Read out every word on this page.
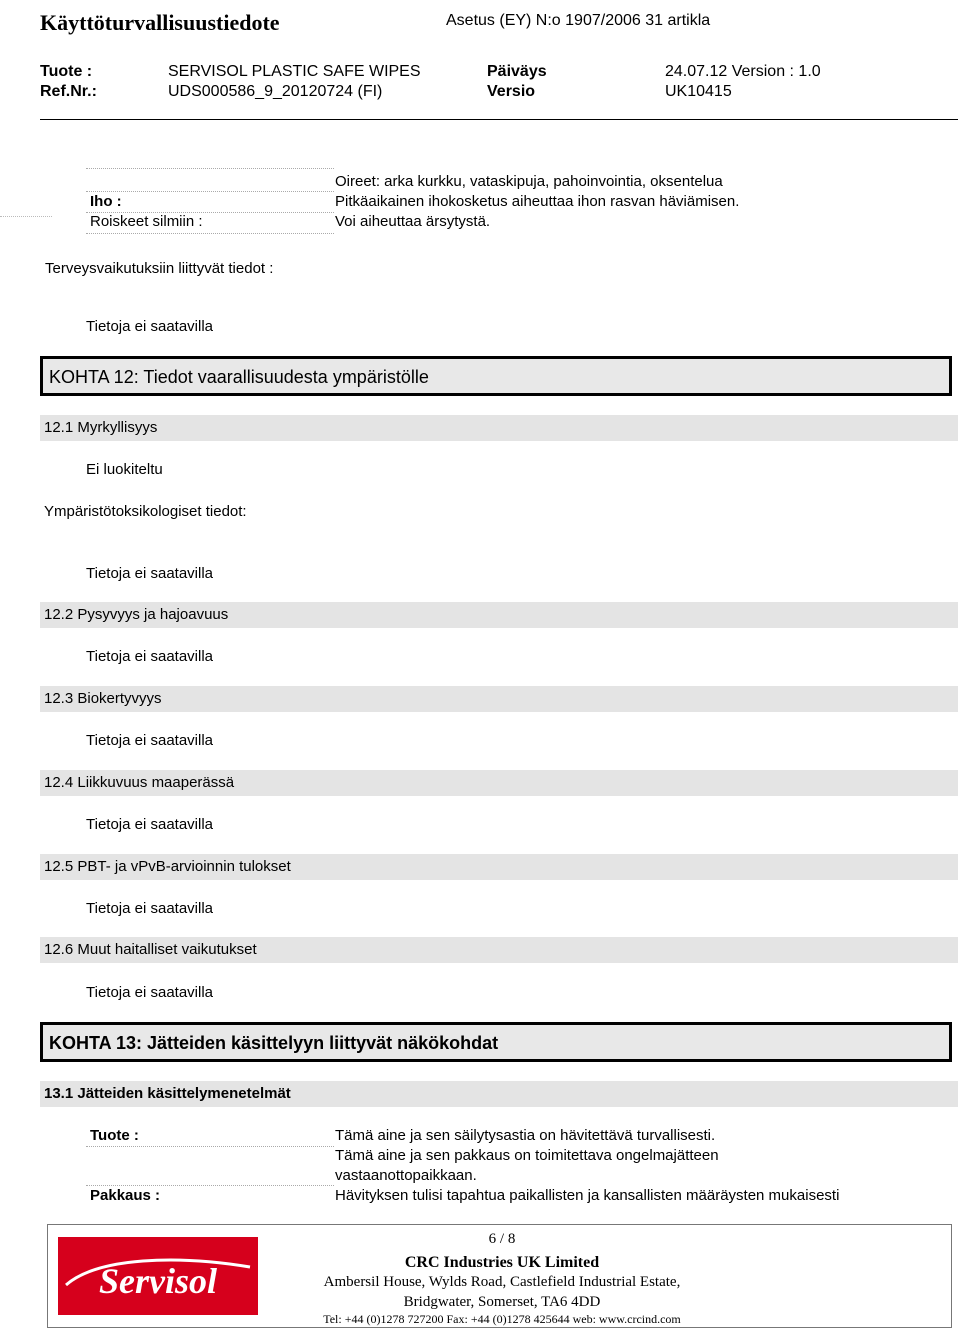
Käyttöturvallisuustiedote	Asetus (EY) N:o 1907/2006 31 artikla
Tuote :	SERVISOL PLASTIC SAFE WIPES	Päiväys	24.07.12 Version : 1.0
Ref.Nr.:	UDS000586_9_20120724 (FI)	Versio	UK10415
Oireet: arka kurkku, vataskipuja, pahoinvointia, oksentelua
Iho :	Pitkäaikainen ihokosketus aiheuttaa ihon rasvan häviämisen.
Roiskeet silmiin :	Voi aiheuttaa ärsytystä.
Terveysvaikutuksiin liittyvät tiedot :
Tietoja ei saatavilla
KOHTA 12: Tiedot vaarallisuudesta ympäristölle
12.1 Myrkyllisyys
Ei luokiteltu
Ympäristötoksikologiset tiedot:
Tietoja ei saatavilla
12.2 Pysyvyys ja hajoavuus
Tietoja ei saatavilla
12.3 Biokertyvyys
Tietoja ei saatavilla
12.4 Liikkuvuus maaperässä
Tietoja ei saatavilla
12.5 PBT- ja vPvB-arvioinnin tulokset
Tietoja ei saatavilla
12.6 Muut haitalliset vaikutukset
Tietoja ei saatavilla
KOHTA 13: Jätteiden käsittelyyn liittyvät näkökohdat
13.1 Jätteiden käsittelymenetelmät
Tuote :	Tämä aine ja sen säilytysastia on hävitettävä turvallisesti.
Tämä aine ja sen pakkaus on toimitettava ongelmajätteen
vastaanottopaikkaan.
Pakkaus :	Hävityksen tulisi tapahtua paikallisten ja kansallisten määräysten mukaisesti
Servisol
6 / 8
CRC Industries UK Limited
Ambersil House, Wylds Road, Castlefield Industrial Estate,
Bridgwater, Somerset, TA6 4DD
Tel: +44 (0)1278 727200 Fax: +44 (0)1278 425644 web: www.crcind.com
